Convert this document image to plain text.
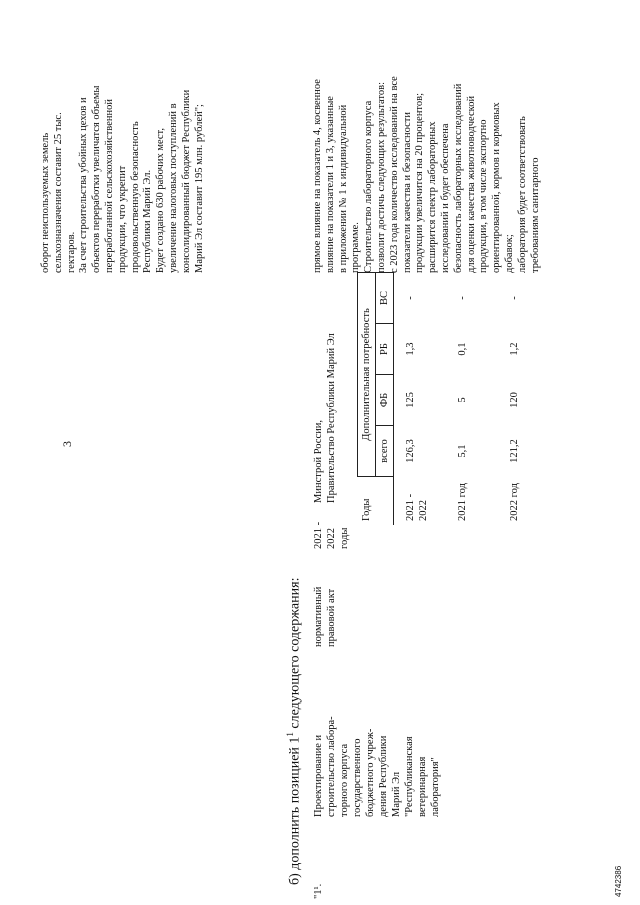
3
4742386
б) дополнить позицией $1^1$ следующего содержания:

оборот неиспользуемых земель сельхозназначения составит 25 тыс. гектаров. За счет строительства убойных цехов и объектов переработки увеличатся объемы переработанной сельскохозяйственной продукции, что укрепит продовольственную безопасность Республики Марий Эл. Будет создано 630 рабочих мест, увеличение налоговых поступлений в консолидированный бюджет Республики Марий Эл составит 195 млн. рублей";

"1¹.

Проектирование и строительство лабора- торного корпуса государственного бюджетного учреж- дения Республики Марий Эл "Республиканская ветеринарная лаборатория"

нормативный правовой акт

2021 - 2022 годы

Минстрой России, Правительство Республики Марий Эл

Годы	Дополнительная потребность			
	всего	ФБ	РБ	ВС
2021 - 2022	126,3	125	1,3	-
2021 год	5,1	5	0,1	-
2022 год	121,2	120	1,2	-

прямое влияние на показатель 4, косвенное влияние на показатели 1 и 3, указанные в приложении № 1 к индивидуальной программе. Строительство лабораторного корпуса позволит достичь следующих результатов: с 2023 года количество исследований на все показатели качества и безопасности продукции увеличится на 20 процентов; расширится спектр лабораторных исследований и будет обеспечена безопасность лабораторных исследований для оценки качества животноводческой продукции, в том числе экспортно ориентированной, кормов и кормовых добавок; лаборатория будет соответствовать требованиям санитарного
